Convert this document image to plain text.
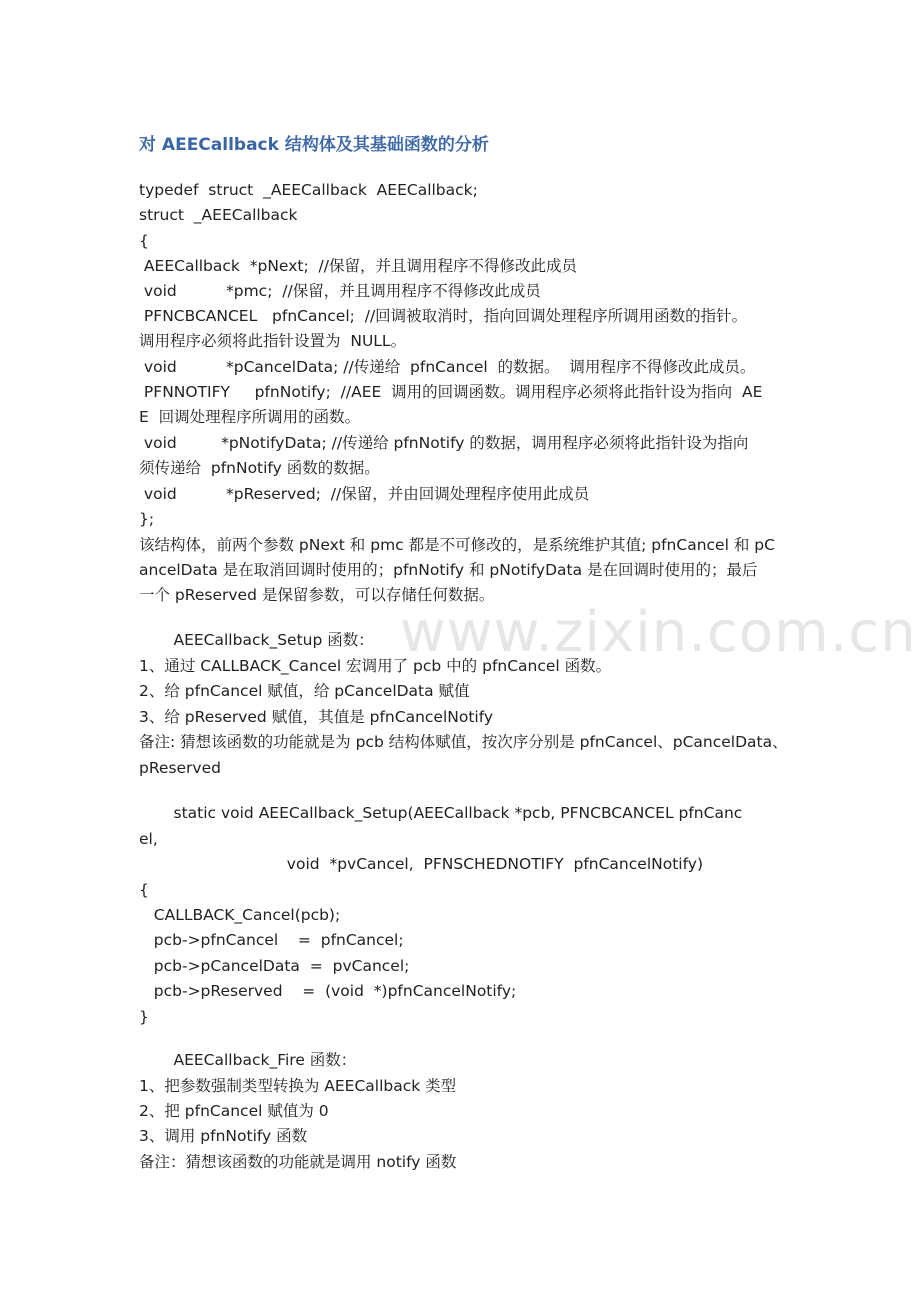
www.zixin.com.cn
对 AEECallback 结构体及其基础函数的分析
typedef  struct  _AEECallback  AEECallback;
struct  _AEECallback
{
AEECallback  *pNext;  //保留，并且调用程序不得修改此成员
void          *pmc;  //保留，并且调用程序不得修改此成员
PFNCBCANCEL   pfnCancel;  //回调被取消时，指向回调处理程序所调用函数的指针。
调用程序必须将此指针设置为  NULL。
void          *pCancelData; //传递给  pfnCancel  的数据。  调用程序不得修改此成员。
PFNNOTIFY     pfnNotify;  //AEE  调用的回调函数。调用程序必须将此指针设为指向  AE
E  回调处理程序所调用的函数。
void         *pNotifyData; //传递给 pfnNotify 的数据，调用程序必须将此指针设为指向
须传递给  pfnNotify 函数的数据。
void          *pReserved;  //保留，并由回调处理程序使用此成员
};
该结构体，前两个参数 pNext 和 pmc 都是不可修改的，是系统维护其值; pfnCancel 和 pC
ancelData 是在取消回调时使用的；pfnNotify 和 pNotifyData 是在回调时使用的；最后
一个 pReserved 是保留参数，可以存储任何数据。
AEECallback_Setup 函数：
1、通过 CALLBACK_Cancel 宏调用了 pcb 中的 pfnCancel 函数。
2、给 pfnCancel 赋值，给 pCancelData 赋值
3、给 pReserved 赋值，其值是 pfnCancelNotify
备注: 猜想该函数的功能就是为 pcb 结构体赋值，按次序分别是 pfnCancel、pCancelData、
pReserved
static void AEECallback_Setup(AEECallback *pcb, PFNCBCANCEL pfnCanc
el,
void  *pvCancel,  PFNSCHEDNOTIFY  pfnCancelNotify)
{
CALLBACK_Cancel(pcb);
pcb->pfnCancel    =  pfnCancel;
pcb->pCancelData  =  pvCancel;
pcb->pReserved    =  (void  *)pfnCancelNotify;
}
AEECallback_Fire 函数：
1、把参数强制类型转换为 AEECallback 类型
2、把 pfnCancel 赋值为 0
3、调用 pfnNotify 函数
备注：猜想该函数的功能就是调用 notify 函数
